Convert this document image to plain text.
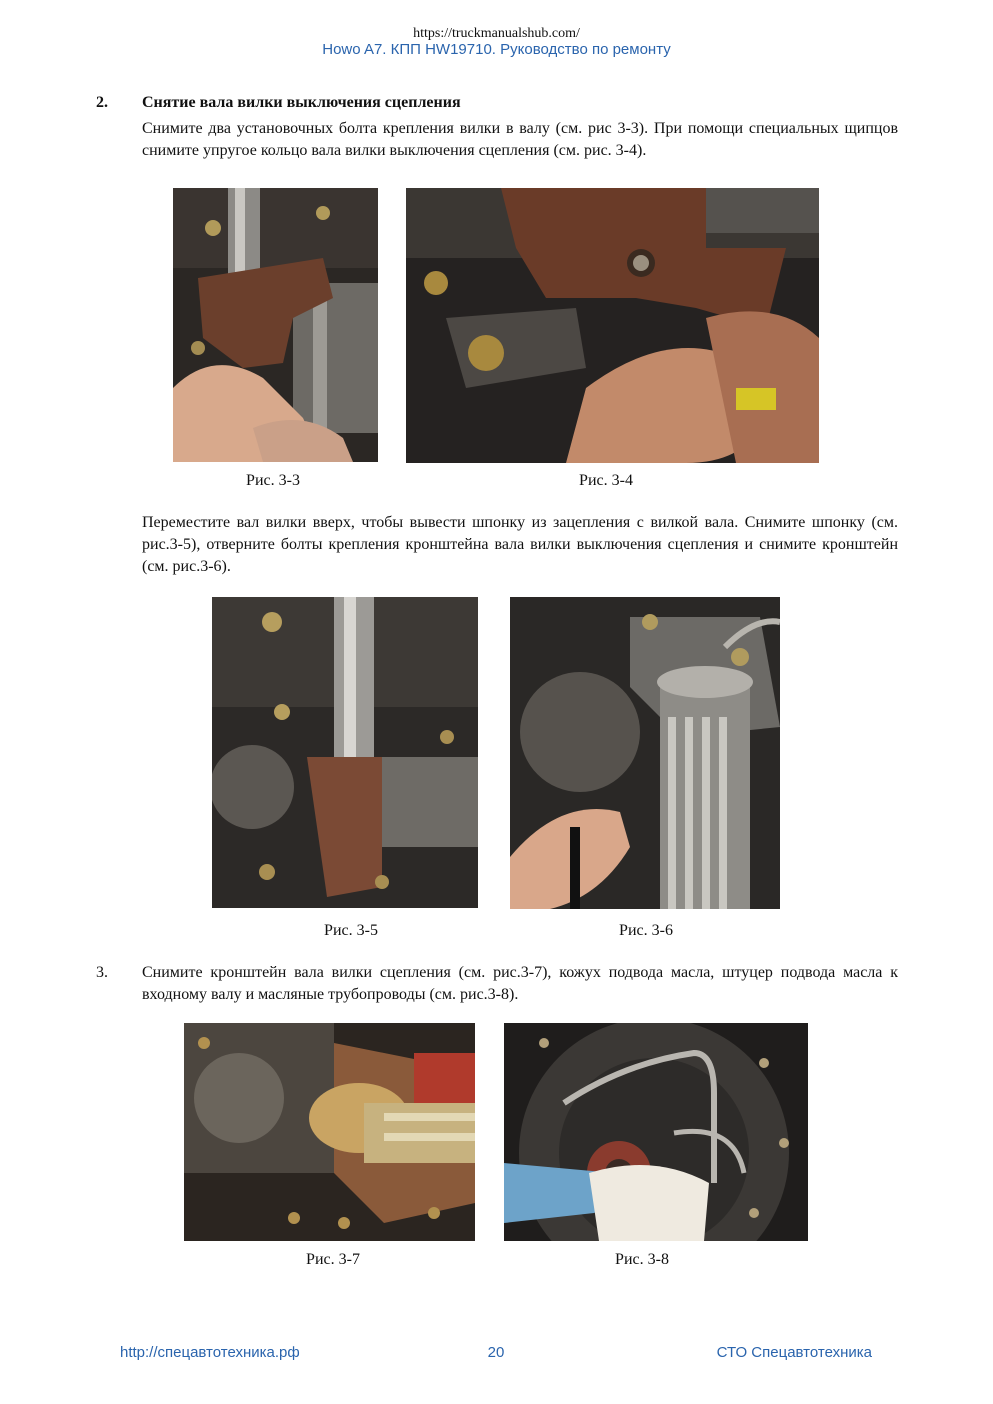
https://truckmanualshub.com/
Howo A7. КПП HW19710. Руководство по ремонту
2. Снятие вала вилки выключения сцепления
Снимите два установочных болта крепления вилки в валу (см. рис 3-3). При помощи специальных щипцов снимите упругое кольцо вала вилки выключения сцепления (см. рис. 3-4).
Рис. 3-3	Рис. 3-4
Переместите вал вилки вверх, чтобы вывести шпонку из зацепления с вилкой вала. Снимите шпонку (см. рис.3-5), отверните болты крепления кронштейна вала вилки выключения сцепления и снимите кронштейн (см. рис.3-6).
Рис. 3-5	Рис. 3-6
3. Снимите кронштейн вала вилки сцепления (см. рис.3-7), кожух подвода масла, штуцер подвода масла к входному валу и масляные трубопроводы (см. рис.3-8).
Рис. 3-7	Рис. 3-8
http://спецавтотехника.рф	20	СТО Спецавтотехника
